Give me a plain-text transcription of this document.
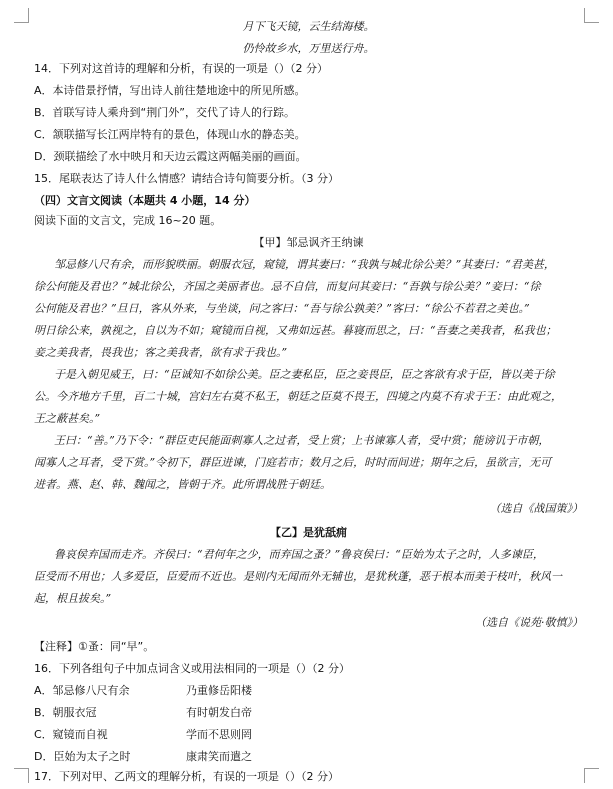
月下飞天镜，云生结海楼。
仍怜故乡水，万里送行舟。
14．下列对这首诗的理解和分析，有误的一项是（）（2 分）
A．本诗借景抒情，写出诗人前往楚地途中的所见所感。
B．首联写诗人乘舟到“荆门外”，交代了诗人的行踪。
C．颔联描写长江两岸特有的景色，体现山水的静态美。
D．颈联描绘了水中映月和天边云霞这两幅美丽的画面。
15．尾联表达了诗人什么情感？请结合诗句简要分析。（3 分）
（四）文言文阅读（本题共 4 小题，14 分）
阅读下面的文言文，完成 16~20 题。
【甲】邹忌讽齐王纳谏
邹忌修八尺有余，而形貌昳丽。朝服衣冠，窥镜，谓其妻曰：“我孰与城北徐公美？”其妻曰：“君美甚，
徐公何能及君也？”城北徐公，齐国之美丽者也。忌不自信，而复问其妾曰：“吾孰与徐公美？”妾曰：“徐
公何能及君也？”旦日，客从外来，与坐谈，问之客曰：“吾与徐公孰美？”客曰：“徐公不若君之美也。”
明日徐公来，孰视之，自以为不如；窥镜而自视，又弗如远甚。暮寝而思之，曰：“吾妻之美我者，私我也；
妾之美我者，畏我也；客之美我者，欲有求于我也。”
于是入朝见威王，曰：“臣诚知不如徐公美。臣之妻私臣，臣之妾畏臣，臣之客欲有求于臣，皆以美于徐
公。今齐地方千里，百二十城，宫妇左右莫不私王，朝廷之臣莫不畏王，四境之内莫不有求于王：由此观之，
王之蔽甚矣。”
王曰：“善。”乃下令：“群臣吏民能面刺寡人之过者，受上赏；上书谏寡人者，受中赏；能谤讥于市朝，
闻寡人之耳者，受下赏。”令初下，群臣进谏，门庭若市；数月之后，时时而间进；期年之后，虽欲言，无可
进者。燕、赵、韩、魏闻之，皆朝于齐。此所谓战胜于朝廷。
（选自《战国策》）
【乙】是犹舐痈
鲁哀侯弃国而走齐。齐侯曰：“君何年之少，而弃国之蚤？”鲁哀侯曰：“臣始为太子之时，人多谏臣，
臣受而不用也；人多爱臣，臣爱而不近也。是则内无闻而外无辅也，是犹秋蓬，恶于根本而美于枝叶，秋风一
起，根且拔矣。”
（选自《说苑·敬慎》）
【注释】①蚤：同“早”。
16．下列各组句子中加点词含义或用法相同的一项是（）（2 分）
A．邹忌修八尺有余	乃重修岳阳楼
B．朝服衣冠	有时朝发白帝
C．窥镜而自视	学而不思则罔
D．臣始为太子之时	康肃笑而遣之
17．下列对甲、乙两文的理解分析，有误的一项是（）（2 分）
